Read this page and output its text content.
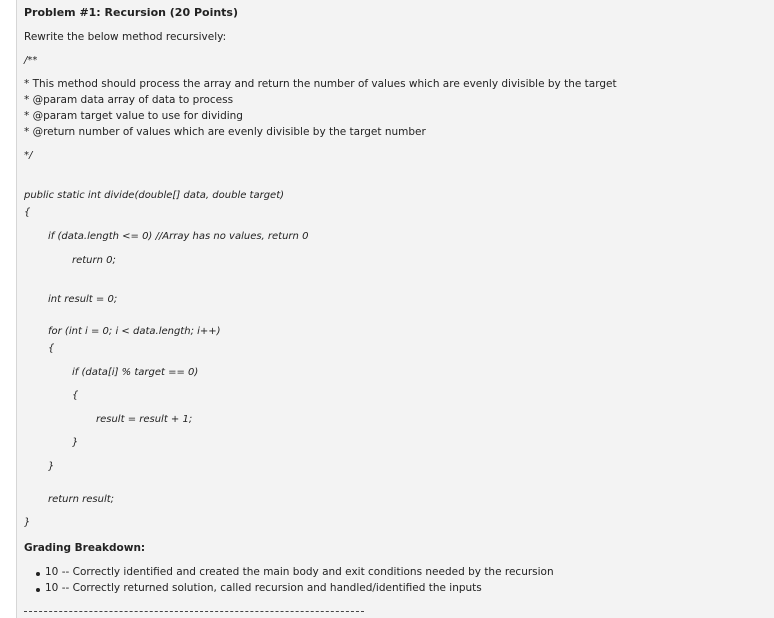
Problem #1: Recursion (20 Points)
Rewrite the below method recursively:
/**
* This method should process the array and return the number of values which are evenly divisible by the target
* @param data array of data to process
* @param target value to use for dividing
* @return number of values which are evenly divisible by the target number
*/
public static int divide(double[] data, double target)
{
if (data.length <= 0) //Array has no values, return 0
return 0;
int result = 0;
for (int i = 0; i < data.length; i++)
{
if (data[i] % target == 0)
{
result = result + 1;
}
}
return result;
}
Grading Breakdown:
10 -- Correctly identified and created the main body and exit conditions needed by the recursion
10 -- Correctly returned solution, called recursion and handled/identified the inputs
